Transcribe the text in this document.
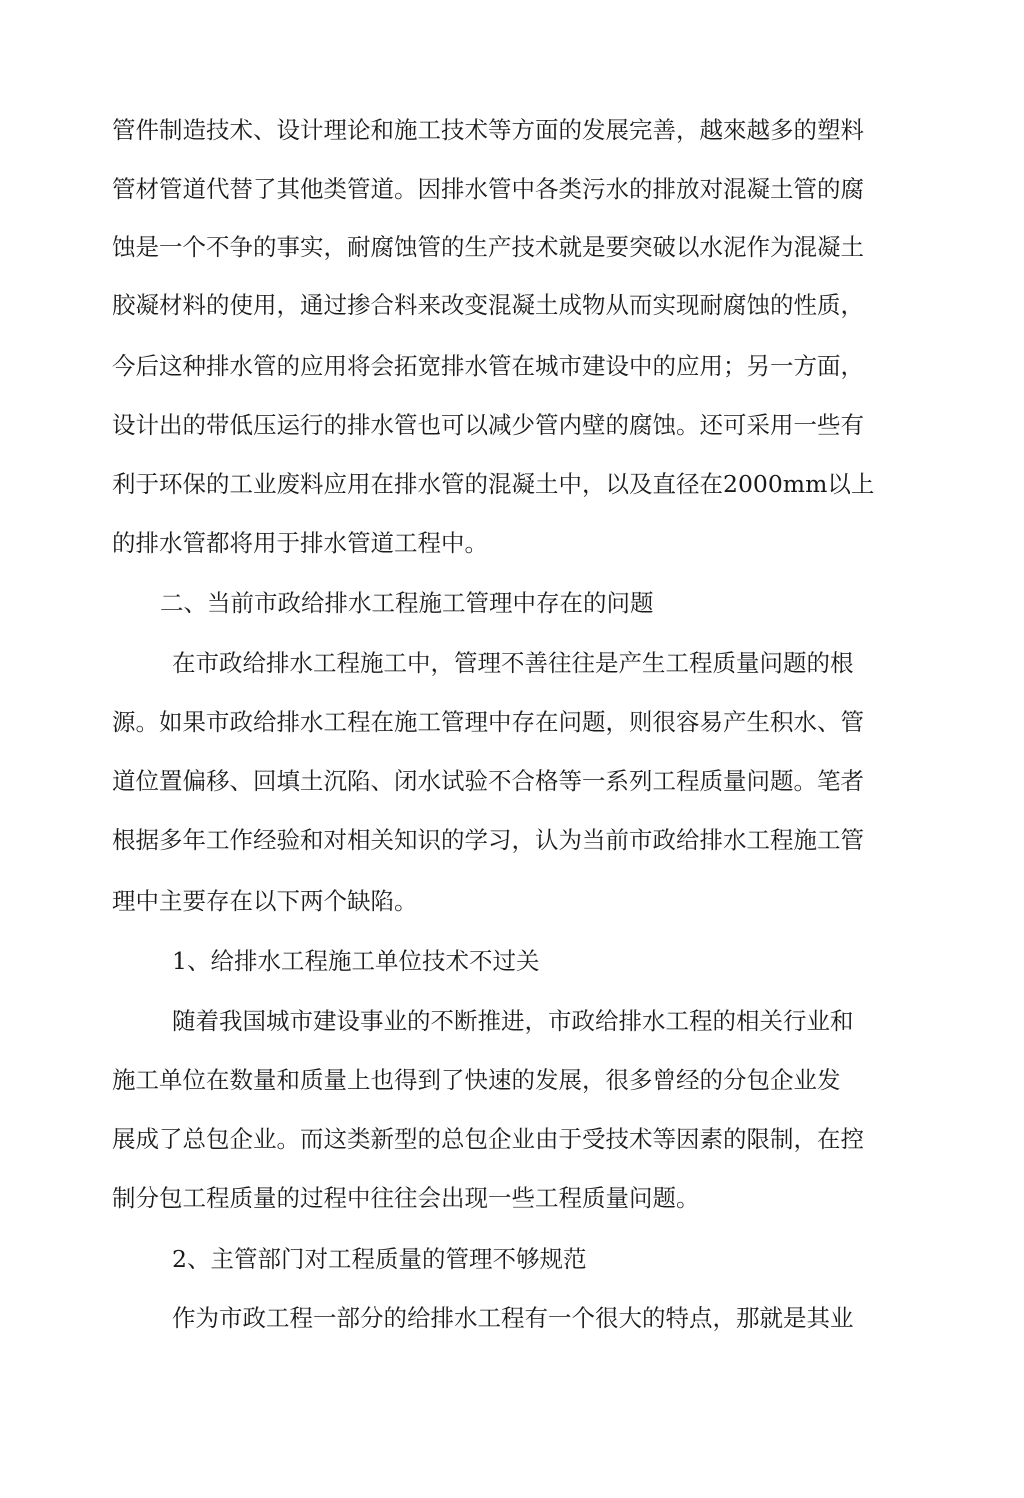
管件制造技术、设计理论和施工技术等方面的发展完善，越來越多的塑料
管材管道代替了其他类管道。因排水管中各类污水的排放对混凝土管的腐
蚀是一个不争的事实，耐腐蚀管的生产技术就是要突破以水泥作为混凝土
胶凝材料的使用，通过掺合料来改变混凝土成物从而实现耐腐蚀的性质，
今后这种排水管的应用将会拓宽排水管在城市建设中的应用；另一方面，
设计出的带低压运行的排水管也可以减少管内壁的腐蚀。还可采用一些有
利于环保的工业废料应用在排水管的混凝土中，以及直径在2000mm以上
的排水管都将用于排水管道工程中。
二、当前市政给排水工程施工管理中存在的问题
在市政给排水工程施工中，管理不善往往是产生工程质量问题的根
源。如果市政给排水工程在施工管理中存在问题，则很容易产生积水、管
道位置偏移、回填土沉陷、闭水试验不合格等一系列工程质量问题。笔者
根据多年工作经验和对相关知识的学习，认为当前市政给排水工程施工管
理中主要存在以下两个缺陷。
1、给排水工程施工单位技术不过关
随着我国城市建设事业的不断推进，市政给排水工程的相关行业和
施工单位在数量和质量上也得到了快速的发展，很多曾经的分包企业发
展成了总包企业。而这类新型的总包企业由于受技术等因素的限制，在控
制分包工程质量的过程中往往会出现一些工程质量问题。
2、主管部门对工程质量的管理不够规范
作为市政工程一部分的给排水工程有一个很大的特点，那就是其业
